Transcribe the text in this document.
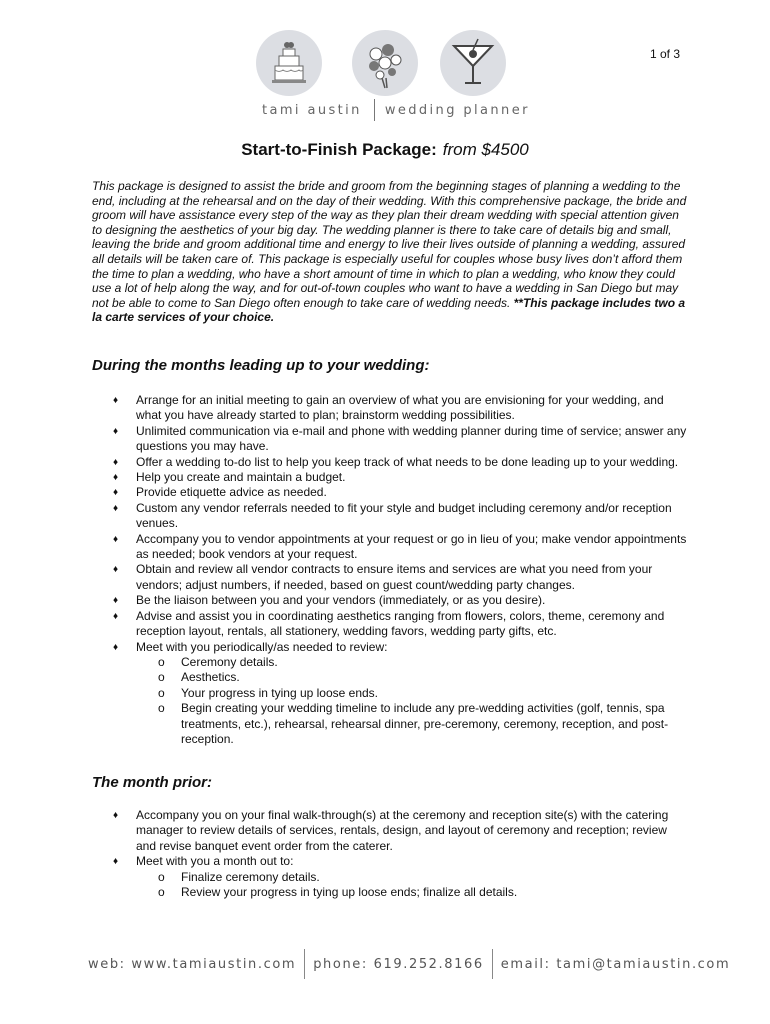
1 of 3
tami austin wedding planner
Start-to-Finish Package: from $4500
This package is designed to assist the bride and groom from the beginning stages of planning a wedding to the end, including at the rehearsal and on the day of their wedding. With this comprehensive package, the bride and groom will have assistance every step of the way as they plan their dream wedding with special attention given to designing the aesthetics of your big day. The wedding planner is there to take care of details big and small, leaving the bride and groom additional time and energy to live their lives outside of planning a wedding, assured all details will be taken care of. This package is especially useful for couples whose busy lives don’t afford them the time to plan a wedding, who have a short amount of time in which to plan a wedding, who know they could use a lot of help along the way, and for out-of-town couples who want to have a wedding in San Diego but may not be able to come to San Diego often enough to take care of wedding needs. **This package includes two a la carte services of your choice.
During the months leading up to your wedding:
♦ Arrange for an initial meeting to gain an overview of what you are envisioning for your wedding, and what you have already started to plan; brainstorm wedding possibilities.
♦ Unlimited communication via e-mail and phone with wedding planner during time of service; answer any questions you may have.
♦ Offer a wedding to-do list to help you keep track of what needs to be done leading up to your wedding.
♦ Help you create and maintain a budget.
♦ Provide etiquette advice as needed.
♦ Custom any vendor referrals needed to fit your style and budget including ceremony and/or reception venues.
♦ Accompany you to vendor appointments at your request or go in lieu of you; make vendor appointments as needed; book vendors at your request.
♦ Obtain and review all vendor contracts to ensure items and services are what you need from your vendors; adjust numbers, if needed, based on guest count/wedding party changes.
♦ Be the liaison between you and your vendors (immediately, or as you desire).
♦ Advise and assist you in coordinating aesthetics ranging from flowers, colors, theme, ceremony and reception layout, rentals, all stationery, wedding favors, wedding party gifts, etc.
♦ Meet with you periodically/as needed to review:
o Ceremony details.
o Aesthetics.
o Your progress in tying up loose ends.
o Begin creating your wedding timeline to include any pre-wedding activities (golf, tennis, spa treatments, etc.), rehearsal, rehearsal dinner, pre-ceremony, ceremony, reception, and post-reception.
The month prior:
♦ Accompany you on your final walk-through(s) at the ceremony and reception site(s) with the catering manager to review details of services, rentals, design, and layout of ceremony and reception; review and revise banquet event order from the caterer.
♦ Meet with you a month out to:
o Finalize ceremony details.
o Review your progress in tying up loose ends; finalize all details.
web: www.tamiaustin.com phone: 619.252.8166 email: tami@tamiaustin.com
